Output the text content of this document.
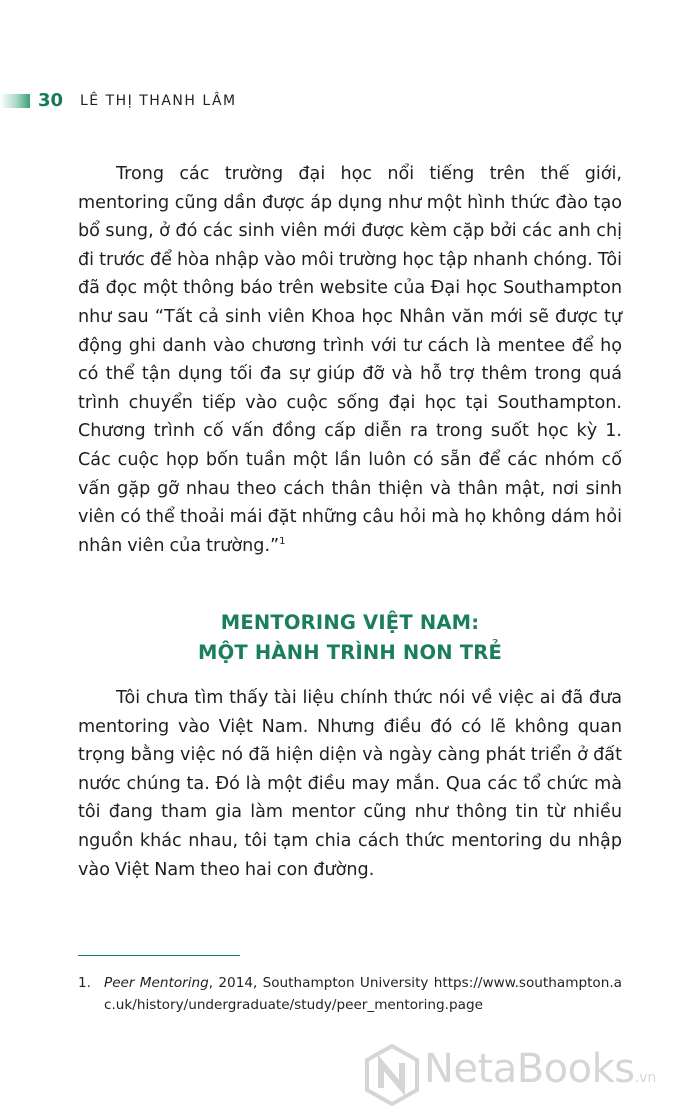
30 LÊ THỊ THANH LÂM

Trong các trường đại học nổi tiếng trên thế giới, mentoring cũng dần được áp dụng như một hình thức đào tạo bổ sung, ở đó các sinh viên mới được kèm cặp bởi các anh chị đi trước để hòa nhập vào môi trường học tập nhanh chóng. Tôi đã đọc một thông báo trên website của Đại học Southampton như sau “Tất cả sinh viên Khoa học Nhân văn mới sẽ được tự động ghi danh vào chương trình với tư cách là mentee để họ có thể tận dụng tối đa sự giúp đỡ và hỗ trợ thêm trong quá trình chuyển tiếp vào cuộc sống đại học tại Southampton. Chương trình cố vấn đồng cấp diễn ra trong suốt học kỳ 1. Các cuộc họp bốn tuần một lần luôn có sẵn để các nhóm cố vấn gặp gỡ nhau theo cách thân thiện và thân mật, nơi sinh viên có thể thoải mái đặt những câu hỏi mà họ không dám hỏi nhân viên của trường.”$^1$

MENTORING VIỆT NAM:
MỘT HÀNH TRÌNH NON TRẺ

Tôi chưa tìm thấy tài liệu chính thức nói về việc ai đã đưa mentoring vào Việt Nam. Nhưng điều đó có lẽ không quan trọng bằng việc nó đã hiện diện và ngày càng phát triển ở đất nước chúng ta. Đó là một điều may mắn. Qua các tổ chức mà tôi đang tham gia làm mentor cũng như thông tin từ nhiều nguồn khác nhau, tôi tạm chia cách thức mentoring du nhập vào Việt Nam theo hai con đường.

1. Peer Mentoring, 2014, Southampton University https://www.southampton.ac.uk/history/undergraduate/study/peer_mentoring.page
NetaBooks.vn
